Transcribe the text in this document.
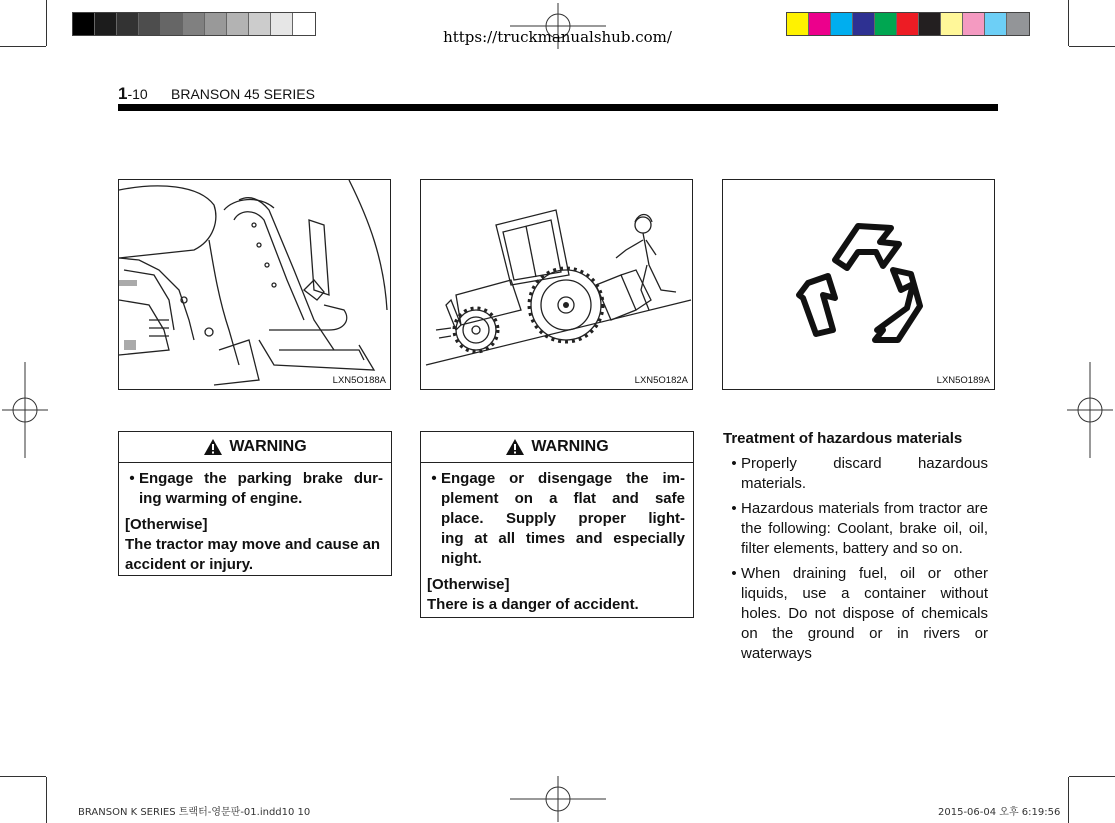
https://truckmanualshub.com/
1-10 BRANSON 45 SERIES
LXN5O188A	LXN5O182A	LXN5O189A
WARNING
• Engage the parking brake dur-
ing warming of engine.
[Otherwise]
The tractor may move and cause an accident or injury.
WARNING
• Engage or disengage the im-
plement on a flat and safe
place. Supply proper light-
ing at all times and especially
night.
[Otherwise]
There is a danger of accident.
Treatment of hazardous materials
• Properly discard hazardous materials.
• Hazardous materials from tractor are the following: Coolant, brake oil, oil, filter elements, battery and so on.
• When draining fuel, oil or other liquids, use a container without holes. Do not dispose of chemicals on the ground or in rivers or waterways
BRANSON K SERIES 트랙터-영문판-01.indd10 10	2015-06-04 오후 6:19:56
